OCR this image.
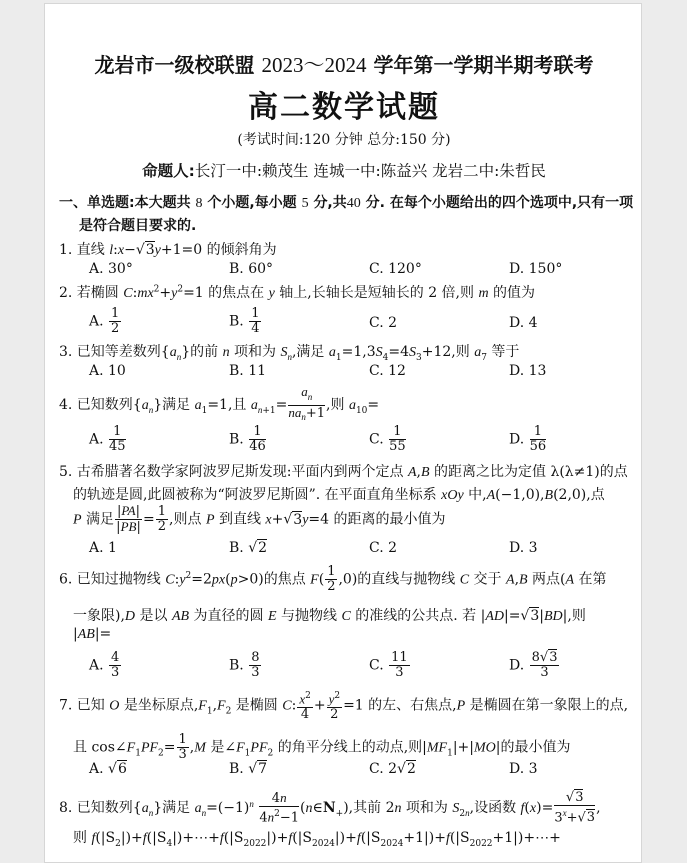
龙岩市一级校联盟 2023～2024 学年第一学期半期考联考
高二数学试题
(考试时间:120 分钟 总分:150 分)
命题人:长汀一中:赖茂生 连城一中:陈益兴 龙岩二中:朱哲民
一、单选题:本大题共 8 个小题,每小题 5 分,共40 分. 在每个小题给出的四个选项中,只有一项
是符合题目要求的.
1. 直线 l:x−√3y+1=0 的倾斜角为
A. 30°	B. 60°	C. 120°	D. 150°
2. 若椭圆 $C:mx^2+y^2=1$ 的焦点在 y 轴上,长轴长是短轴长的 2 倍,则 m 的值为
A. $\frac{1}{2}$	B. $\frac{1}{4}$	C. 2	D. 4
3. 已知等差数列$\{a_n\}$的前 n 项和为 $S_n$,满足 $a_1=1,3S_4=4S_3+12$,则 $a_7$ 等于
A. 10	B. 11	C. 12	D. 13
4. 已知数列$\{a_n\}$满足 $a_1=1$,且 $a_{n+1}= \frac{a_n}{na_n+1}$ ,则 $a_{10}=$
A. $\frac{1}{45}$	B. $\frac{1}{46}$	C. $\frac{1}{55}$	D. $\frac{1}{56}$
5. 古希腊著名数学家阿波罗尼斯发现:平面内到两个定点 A,B 的距离之比为定值 λ(λ≠1)的点
的轨迹是圆,此圆被称为“阿波罗尼斯圆”. 在平面直角坐标系 xOy 中,A(−1,0),B(2,0),点
P 满足 $\frac{|PA|}{|PB|} = \frac{1}{2}$ ,则点 P 到直线 x+√3y=4 的距离的最小值为
A. 1	B. √2	C. 2	D. 3
6. 已知过抛物线 $C:y^2=2px(p>0)$的焦点 $F( \frac{1}{2} ,0)$的直线与抛物线 C 交于 A,B 两点(A 在第
一象限),D 是以 AB 为直径的圆 E 与抛物线 C 的准线的公共点. 若 |AD|=√3|BD|,则
|AB|=
A. $\frac{4}{3}$	B. $\frac{8}{3}$	C. $\frac{11}{3}$	D. $\frac{8√3}{3}$
7. 已知 O 是坐标原点$,F_1,F_2$ 是椭圆 C: $\frac{x^2}{4} + \frac{y^2}{2} =1$ 的左、右焦点,P 是椭圆在第一象限上的点,
且 $\cos\angle F_1PF_2= \frac{1}{3} ,M$ 是$\angle F_1PF_2$ 的角平分线上的动点,则$|MF_1|+|MO|$的最小值为
A. √6	B. √7	C. 2√2	D. 3
8. 已知数列$\{a_n\}$满足 $a_n=(-1)^n \frac{4n}{4n^2-1}$ $(n\in N_+)$,其前 2n 项和为 $S_{2n}$,设函数 $f(x)= \frac{√3}{3^x+√3}$ ,
则 $f(|S_2|)+f(|S_4|)+\cdots+f(|S_{2022}|)+f(|S_{2024}|)+f(|S_{2024}+1|)+f(|S_{2022}+1|)+\cdots+$
